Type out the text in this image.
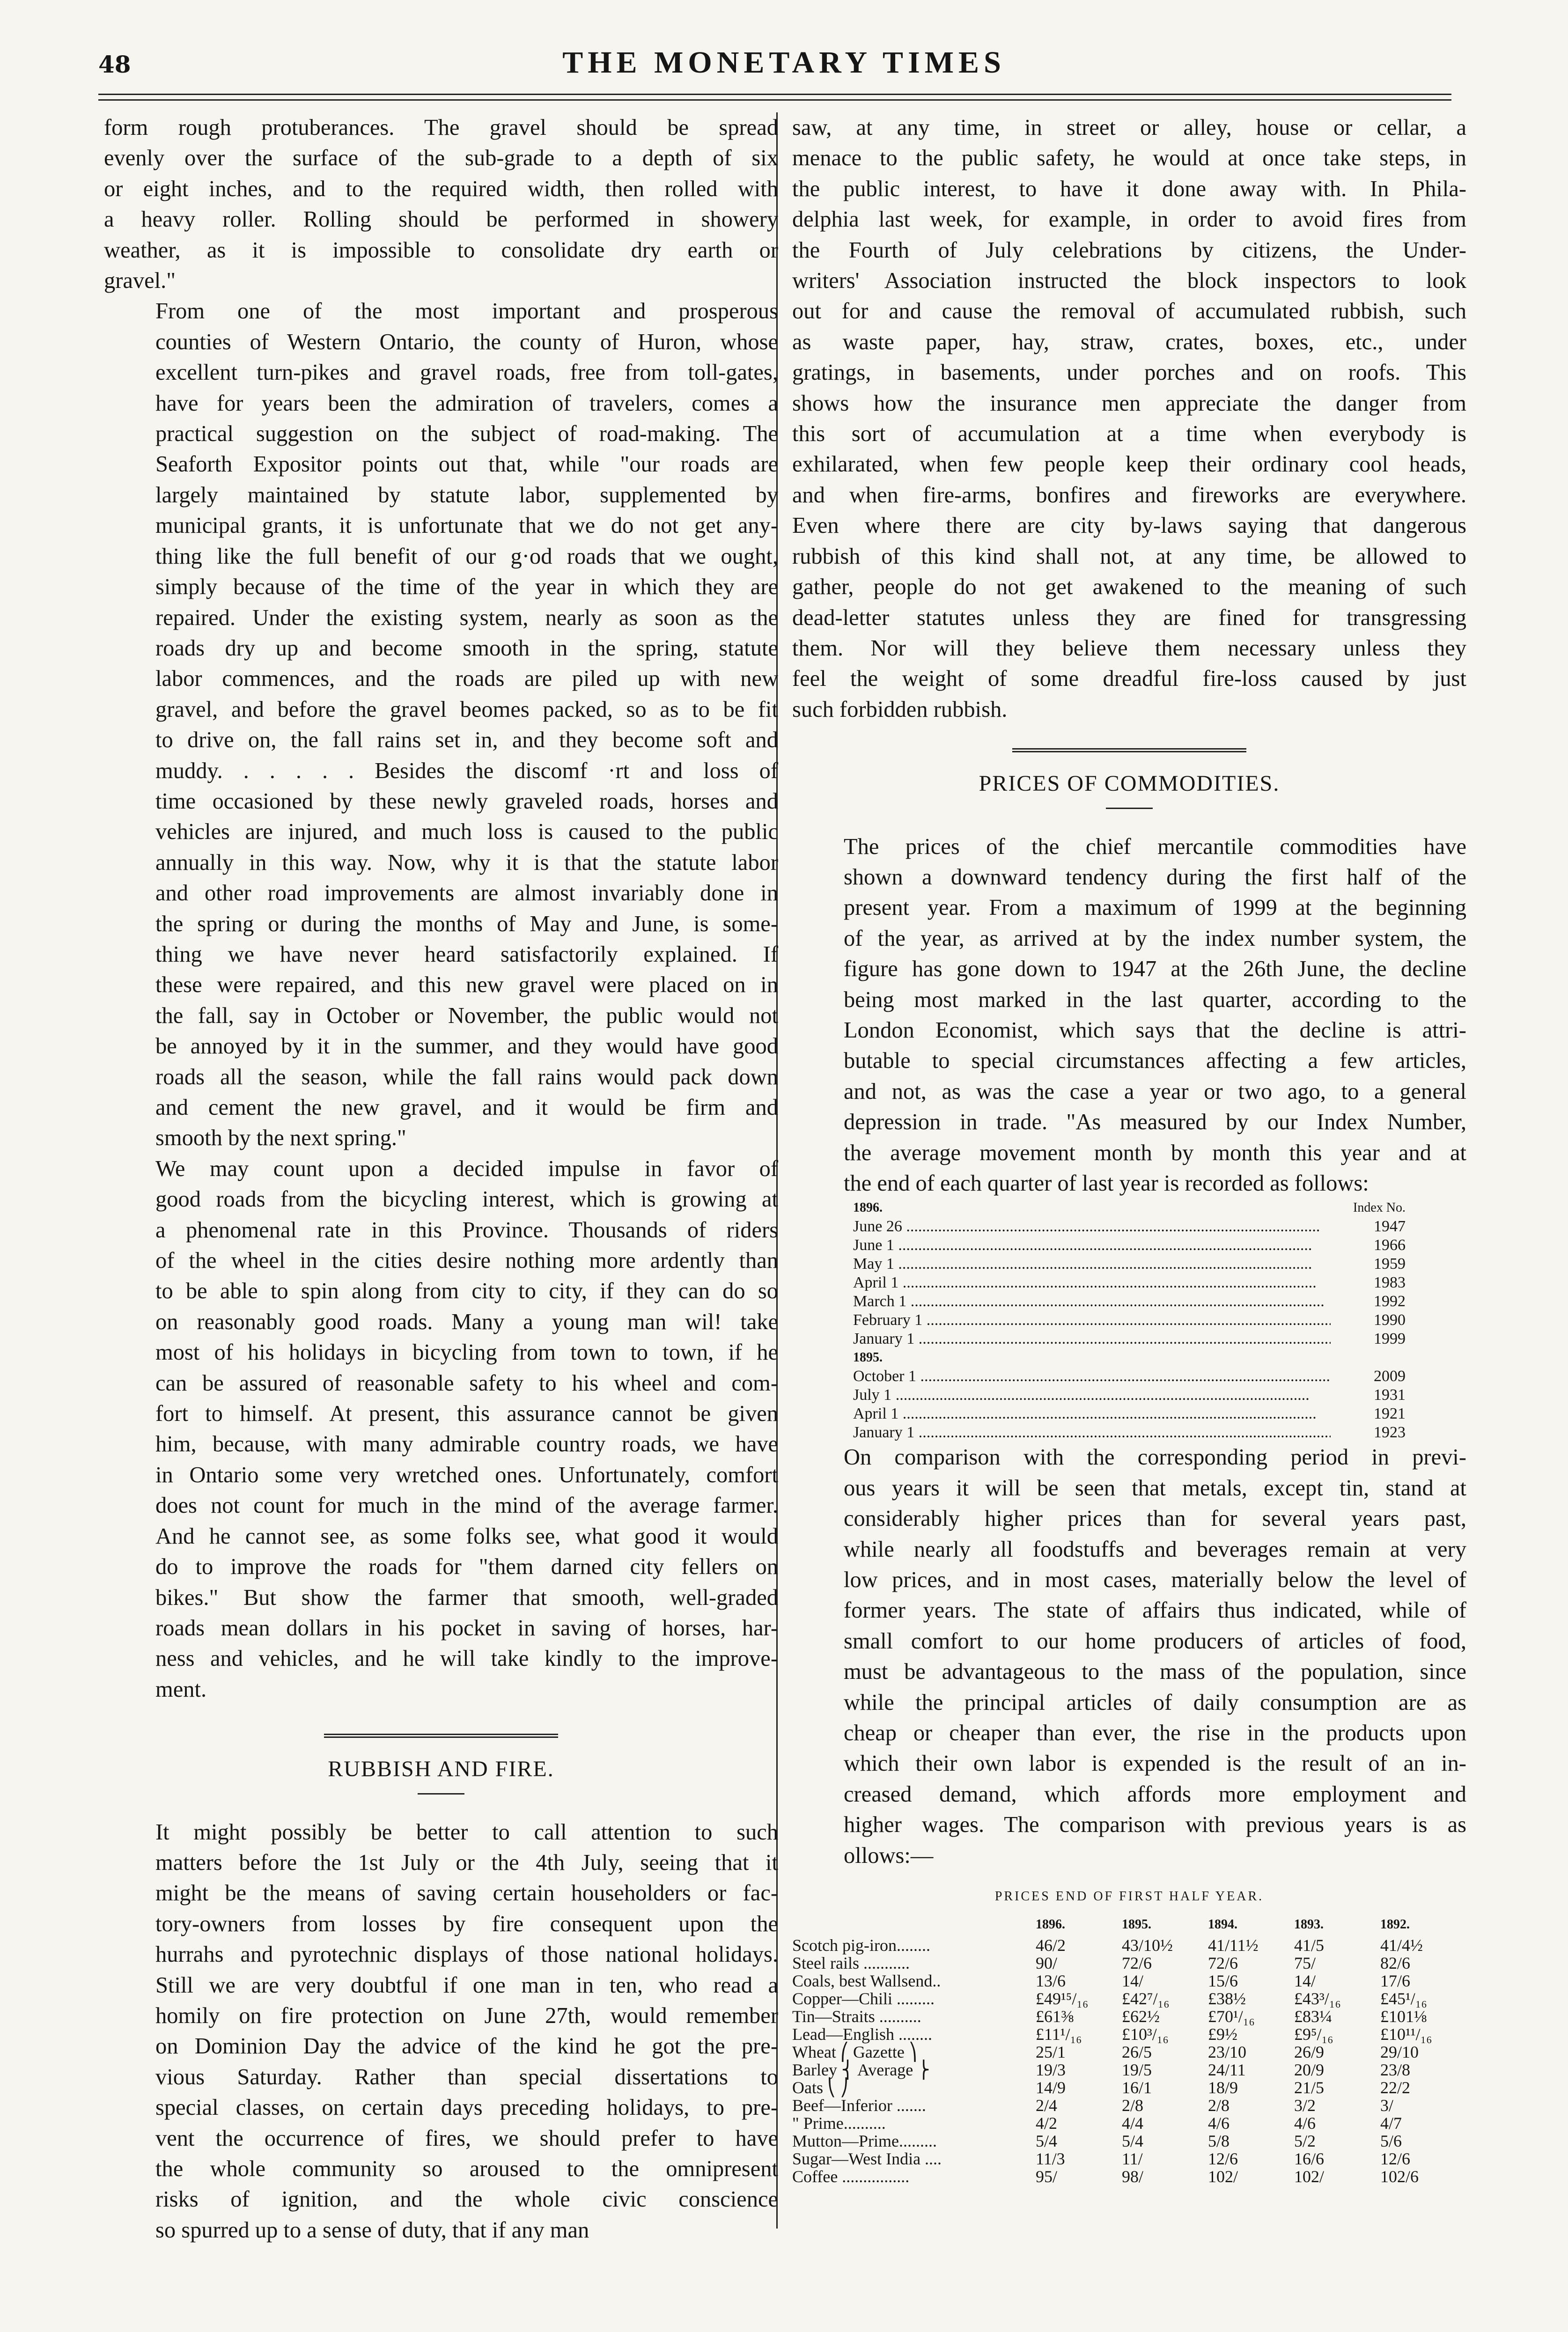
48	THE MONETARY TIMES

form rough protuberances. The gravel should be spread
evenly over the surface of the sub-grade to a depth of six
or eight inches, and to the required width, then rolled with
a heavy roller. Rolling should be performed in showery
weather, as it is impossible to consolidate dry earth or
gravel."

From one of the most important and prosperous
counties of Western Ontario, the county of Huron, whose
excellent turn-pikes and gravel roads, free from toll-gates,
have for years been the admiration of travelers, comes a
practical suggestion on the subject of road-making. The
Seaforth Expositor points out that, while "our roads are
largely maintained by statute labor, supplemented by
municipal grants, it is unfortunate that we do not get any-
thing like the full benefit of our g·od roads that we ought,
simply because of the time of the year in which they are
repaired. Under the existing system, nearly as soon as the
roads dry up and become smooth in the spring, statute
labor commences, and the roads are piled up with new
gravel, and before the gravel beomes packed, so as to be fit
to drive on, the fall rains set in, and they become soft and
muddy. . . . . . Besides the discomf ·rt and loss of
time occasioned by these newly graveled roads, horses and
vehicles are injured, and much loss is caused to the public
annually in this way. Now, why it is that the statute labor
and other road improvements are almost invariably done in
the spring or during the months of May and June, is some-
thing we have never heard satisfactorily explained. If
these were repaired, and this new gravel were placed on in
the fall, say in October or November, the public would not
be annoyed by it in the summer, and they would have good
roads all the season, while the fall rains would pack down
and cement the new gravel, and it would be firm and
smooth by the next spring."

We may count upon a decided impulse in favor of
good roads from the bicycling interest, which is growing at
a phenomenal rate in this Province. Thousands of riders
of the wheel in the cities desire nothing more ardently than
to be able to spin along from city to city, if they can do so
on reasonably good roads. Many a young man wil! take
most of his holidays in bicycling from town to town, if he
can be assured of reasonable safety to his wheel and com-
fort to himself. At present, this assurance cannot be given
him, because, with many admirable country roads, we have
in Ontario some very wretched ones. Unfortunately, comfort
does not count for much in the mind of the average farmer.
And he cannot see, as some folks see, what good it would
do to improve the roads for "them darned city fellers on
bikes." But show the farmer that smooth, well-graded
roads mean dollars in his pocket in saving of horses, har-
ness and vehicles, and he will take kindly to the improve-
ment.

RUBBISH AND FIRE.

It might possibly be better to call attention to such
matters before the 1st July or the 4th July, seeing that it
might be the means of saving certain householders or fac-
tory-owners from losses by fire consequent upon the
hurrahs and pyrotechnic displays of those national holidays.
Still we are very doubtful if one man in ten, who read a
homily on fire protection on June 27th, would remember
on Dominion Day the advice of the kind he got the pre-
vious Saturday. Rather than special dissertations to
special classes, on certain days preceding holidays, to pre-
vent the occurrence of fires, we should prefer to have
the whole community so aroused to the omnipresent
risks of ignition, and the whole civic conscience
so spurred up to a sense of duty, that if any man

saw, at any time, in street or alley, house or cellar, a
menace to the public safety, he would at once take steps, in
the public interest, to have it done away with. In Phila-
delphia last week, for example, in order to avoid fires from
the Fourth of July celebrations by citizens, the Under-
writers' Association instructed the block inspectors to look
out for and cause the removal of accumulated rubbish, such
as waste paper, hay, straw, crates, boxes, etc., under
gratings, in basements, under porches and on roofs. This
shows how the insurance men appreciate the danger from
this sort of accumulation at a time when everybody is
exhilarated, when few people keep their ordinary cool heads,
and when fire-arms, bonfires and fireworks are everywhere.
Even where there are city by-laws saying that dangerous
rubbish of this kind shall not, at any time, be allowed to
gather, people do not get awakened to the meaning of such
dead-letter statutes unless they are fined for transgressing
them. Nor will they believe them necessary unless they
feel the weight of some dreadful fire-loss caused by just
such forbidden rubbish.

PRICES OF COMMODITIES.

The prices of the chief mercantile commodities have
shown a downward tendency during the first half of the
present year. From a maximum of 1999 at the beginning
of the year, as arrived at by the index number system, the
figure has gone down to 1947 at the 26th June, the decline
being most marked in the last quarter, according to the
London Economist, which says that the decline is attri-
butable to special circumstances affecting a few articles,
and not, as was the case a year or two ago, to a general
depression in trade. "As measured by our Index Number,
the average movement month by month this year and at
the end of each quarter of last year is recorded as follows:

1896.	Index No.
June 26 .....	1947
June 1 .....	1966
May 1 .....	1959
April 1 .....	1983
March 1 .....	1992
February 1 .....	1990
January 1 .....	1999
1895.
October 1 .....	2009
July 1 .....	1931
April 1 .....	1921
January 1 .....	1923

On comparison with the corresponding period in previ-
ous years it will be seen that metals, except tin, stand at
considerably higher prices than for several years past,
while nearly all foodstuffs and beverages remain at very
low prices, and in most cases, materially below the level of
former years. The state of affairs thus indicated, while of
small comfort to our home producers of articles of food,
must be advantageous to the mass of the population, since
while the principal articles of daily consumption are as
cheap or cheaper than ever, the rise in the products upon
which their own labor is expended is the result of an in-
creased demand, which affords more employment and
higher wages. The comparison with previous years is as
ollows:—

PRICES END OF FIRST HALF YEAR.
	1896.	1895.	1894.	1893.	1892.
Scotch pig-iron........	46/2	43/10½	41/11½	41/5	41/4½
Steel rails ...........	90/	72/6	72/6	75/	82/6
Coals, best Wallsend..	13/6	14/	15/6	14/	17/6
Copper—Chili .........	£49¹⁵/₁₆	£42⁷/₁₆	£38½	£43³/₁₆	£45¹/₁₆
Tin—Straits ..........	£61⅜	£62½	£70¹/₁₆	£83¼	£101⅛
Lead—English ........	£11¹/₁₆	£10³/₁₆	£9½	£9⁵/₁₆	£10¹¹/₁₆
Wheat ⎛ Gazette ⎞	25/1	26/5	23/10	26/9	29/10
Barley ⎨ Average ⎬	19/3	19/5	24/11	20/9	23/8
Oats ⎝ ⎠	14/9	16/1	18/9	21/5	22/2
Beef—Inferior .......	2/4	2/8	2/8	3/2	3/
" Prime..........	4/2	4/4	4/6	4/6	4/7
Mutton—Prime.........	5/4	5/4	5/8	5/2	5/6
Sugar—West India ....	11/3	11/	12/6	16/6	12/6
Coffee ................	95/	98/	102/	102/	102/6
